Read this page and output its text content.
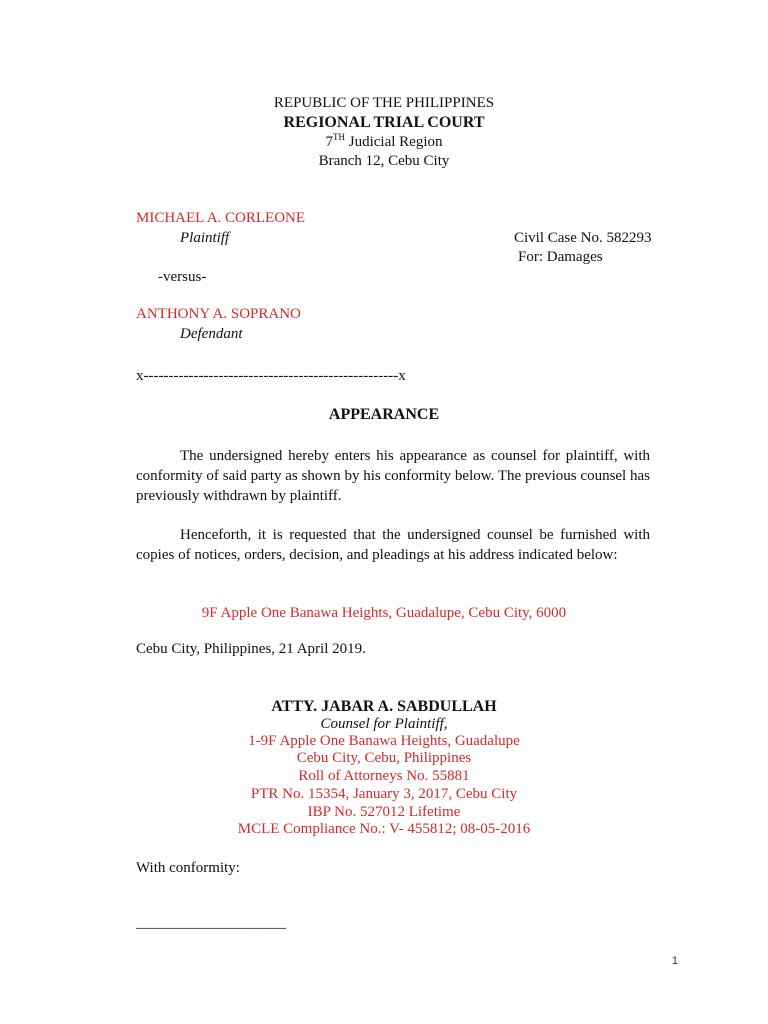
REPUBLIC OF THE PHILIPPINES
REGIONAL TRIAL COURT
7TH Judicial Region
Branch 12, Cebu City
MICHAEL A. CORLEONE
Plaintiff	Civil Case No. 582293
For: Damages
-versus-
ANTHONY A. SOPRANO
Defendant
x---------------------------------------------------x
APPEARANCE

The undersigned hereby enters his appearance as counsel for plaintiff, with conformity of said party as shown by his conformity below. The previous counsel has previously withdrawn by plaintiff.

Henceforth, it is requested that the undersigned counsel be furnished with copies of notices, orders, decision, and pleadings at his address indicated below:

9F Apple One Banawa Heights, Guadalupe, Cebu City, 6000
Cebu City, Philippines, 21 April 2019.
ATTY. JABAR A. SABDULLAH
Counsel for Plaintiff,
1-9F Apple One Banawa Heights, Guadalupe
Cebu City, Cebu, Philippines
Roll of Attorneys No. 55881
PTR No. 15354, January 3, 2017, Cebu City
IBP No. 527012 Lifetime
MCLE Compliance No.: V- 455812; 08-05-2016
With conformity:
____________________
1
